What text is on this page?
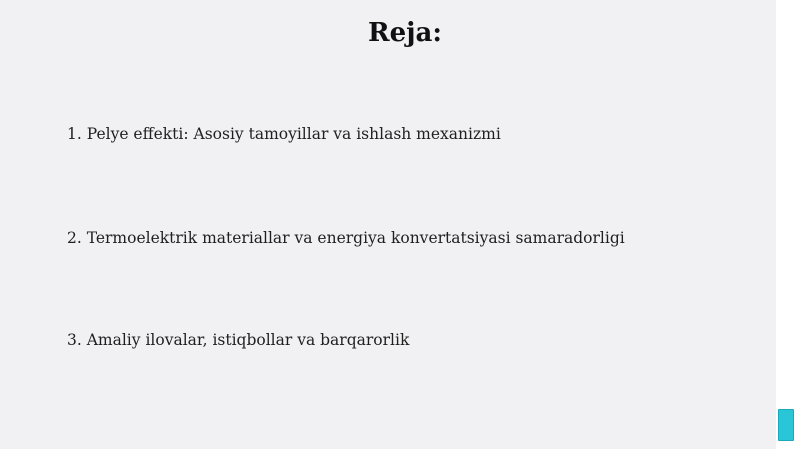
Reja:
1. Pelye effekti: Asosiy tamoyillar va ishlash mexanizmi
2. Termoelektrik materiallar va energiya konvertatsiyasi samaradorligi
3. Amaliy ilovalar, istiqbollar va barqarorlik
